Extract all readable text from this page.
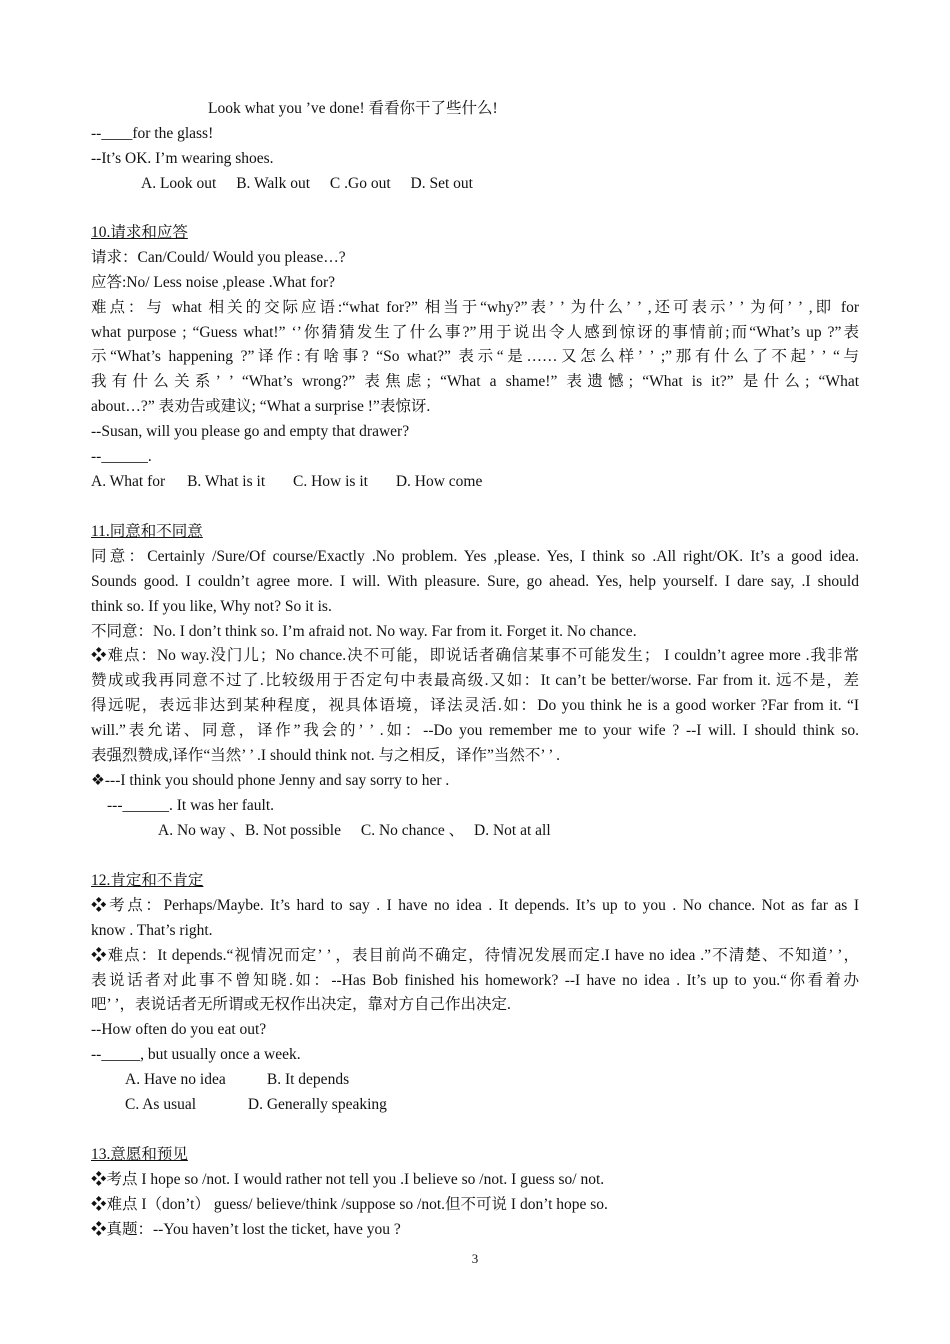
Look what you ’ve done! 看看你干了些什么!
--____for the glass!
--It’s OK. I’m wearing shoes.
A. Look out B. Walk out C .Go out D. Set out
10.请求和应答
请求：Can/Could/ Would you please…?
应答:No/ Less noise ,please .What for?
难点：与 what 相关的交际应语:“what for?” 相当于“why?”表’ ’ 为什么’ ’ ,还可表示’ ’ 为何’ ’ ,即 for
what purpose ; “Guess what!” ‘’你猜猜发生了什么事?”用于说出令人感到惊讶的事情前;而“What’s up ?”表
示“What’s happening ?”译作:有啥事? “So what?” 表示“是……又怎么样’ ’ ;”那有什么了不起’ ’ “与
我有什么关系’ ’ “What’s wrong?” 表焦虑; “What a shame!” 表遗憾; “What is it?” 是什么; “What
about…?” 表劝告或建议; “What a surprise !”表惊讶.
--Susan, will you please go and empty that drawer?
--______.
A. What for B. What is it C. How is it D. How come
11.同意和不同意
同意：Certainly /Sure/Of course/Exactly .No problem. Yes ,please. Yes, I think so .All right/OK. It’s a good idea.
Sounds good. I couldn’t agree more. I will. With pleasure. Sure, go ahead. Yes, help yourself. I dare say, .I should
think so. If you like, Why not? So it is.
不同意：No. I don’t think so. I’m afraid not. No way. Far from it. Forget it. No chance.
❖难点：No way.没门儿；No chance.决不可能，即说话者确信某事不可能发生； I couldn’t agree more .我非常
赞成或我再同意不过了.比较级用于否定句中表最高级.又如：It can’t be better/worse. Far from it. 远不是，差
得远呢，表远非达到某种程度，视具体语境，译法灵活.如：Do you think he is a good worker ?Far from it. “I
will.”表允诺、同意，译作”我会的’ ’ .如：--Do you remember me to your wife ? --I will. I should think so.
表强烈赞成,译作“当然’ ’ .I should think not. 与之相反，译作”当然不’ ’ .
❖---I think you should phone Jenny and say sorry to her .
---______. It was her fault.
A. No way 、B. Not possible C. No chance 、 D. Not at all
12.肯定和不肯定
❖考点：Perhaps/Maybe. It’s hard to say . I have no idea . It depends. It’s up to you . No chance. Not as far as I
know . That’s right.
❖难点：It depends.“视情况而定’ ’ ，表目前尚不确定，待情况发展而定.I have no idea .”不清楚、不知道’ ’，
表说话者对此事不曾知晓.如：--Has Bob finished his homework? --I have no idea . It’s up to you.“你看着办
吧’ ’，表说话者无所谓或无权作出决定，靠对方自己作出决定.
--How often do you eat out?
--_____, but usually once a week.
A. Have no idea	B. It depends
C. As usual	D. Generally speaking
13.意愿和预见
❖考点 I hope so /not. I would rather not tell you .I believe so /not. I guess so/ not.
❖难点 I（don’t） guess/ believe/think /suppose so /not.但不可说 I don’t hope so.
❖真题：--You haven’t lost the ticket, have you ?
3
